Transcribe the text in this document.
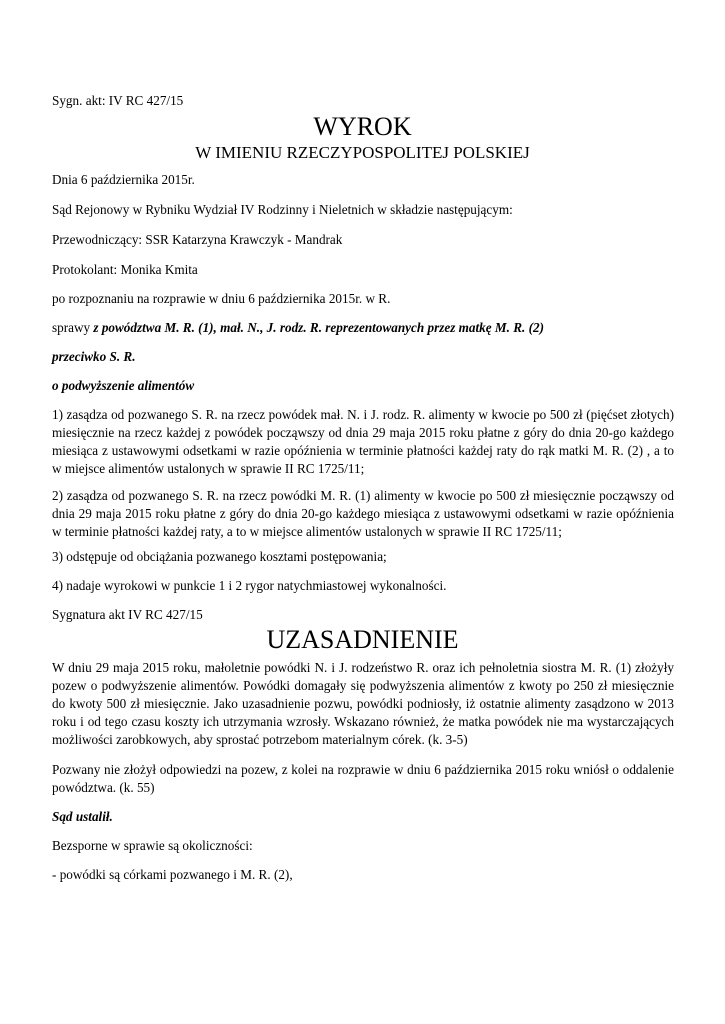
Sygn. akt: IV RC 427/15
WYROK
W IMIENIU RZECZYPOSPOLITEJ POLSKIEJ
Dnia 6 października 2015r.
Sąd Rejonowy w Rybniku Wydział IV Rodzinny i Nieletnich w składzie następującym:
Przewodniczący: SSR Katarzyna Krawczyk - Mandrak
Protokolant: Monika Kmita
po rozpoznaniu na rozprawie w dniu 6 października 2015r. w R.
sprawy z powództwa M. R. (1), mał. N., J. rodz. R. reprezentowanych przez matkę M. R. (2)
przeciwko S. R.
o podwyższenie alimentów
1) zasądza od pozwanego S. R. na rzecz powódek mał. N. i J. rodz. R. alimenty w kwocie po 500 zł (pięćset złotych) miesięcznie na rzecz każdej z powódek począwszy od dnia 29 maja 2015 roku płatne z góry do dnia 20-go każdego miesiąca z ustawowymi odsetkami w razie opóźnienia w terminie płatności każdej raty do rąk matki M. R. (2) , a to w miejsce alimentów ustalonych w sprawie II RC 1725/11;
2) zasądza od pozwanego S. R. na rzecz powódki M. R. (1) alimenty w kwocie po 500 zł miesięcznie począwszy od dnia 29 maja 2015 roku płatne z góry do dnia 20-go każdego miesiąca z ustawowymi odsetkami w razie opóźnienia w terminie płatności każdej raty, a to w miejsce alimentów ustalonych w sprawie II RC 1725/11;
3) odstępuje od obciążania pozwanego kosztami postępowania;
4) nadaje wyrokowi w punkcie 1 i 2 rygor natychmiastowej wykonalności.
Sygnatura akt IV RC 427/15
UZASADNIENIE
W dniu 29 maja 2015 roku, małoletnie powódki N. i J. rodzeństwo R. oraz ich pełnoletnia siostra M. R. (1) złożyły pozew o podwyższenie alimentów. Powódki domagały się podwyższenia alimentów z kwoty po 250 zł miesięcznie do kwoty 500 zł miesięcznie. Jako uzasadnienie pozwu, powódki podniosły, iż ostatnie alimenty zasądzono w 2013 roku i od tego czasu koszty ich utrzymania wzrosły. Wskazano również, że matka powódek nie ma wystarczających możliwości zarobkowych, aby sprostać potrzebom materialnym córek. (k. 3-5)
Pozwany nie złożył odpowiedzi na pozew, z kolei na rozprawie w dniu 6 października 2015 roku wniósł o oddalenie powództwa. (k. 55)
Sąd ustalił.
Bezsporne w sprawie są okoliczności:
- powódki są córkami pozwanego i M. R. (2),
